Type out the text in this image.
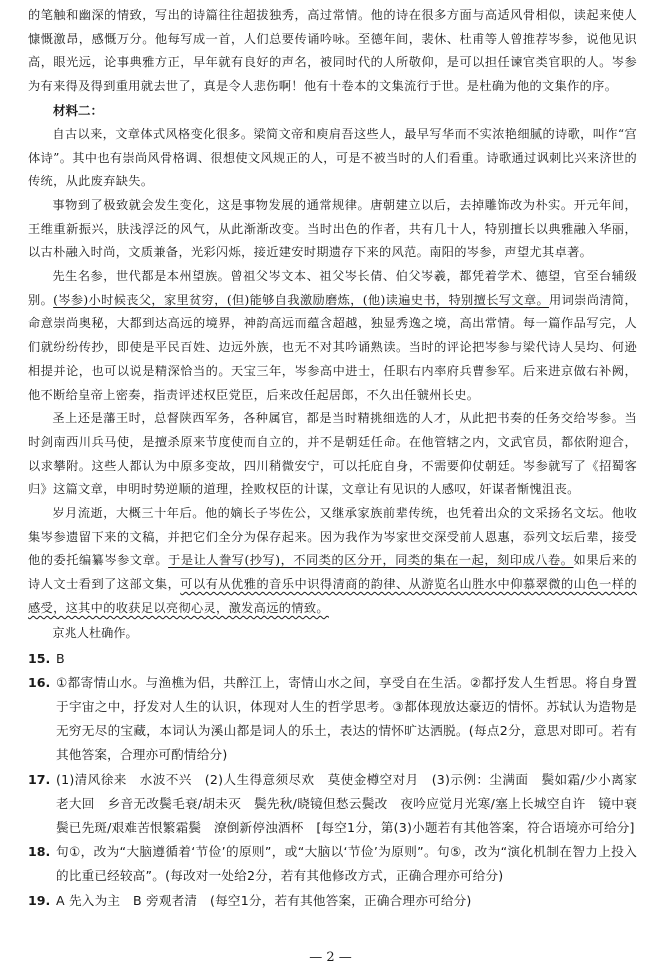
的笔触和幽深的情致，写出的诗篇往往超拔独秀，高过常情。他的诗在很多方面与高适风骨相似，读起来使人慷慨激昂，感慨万分。他每写成一首，人们总要传诵吟咏。至德年间，裴休、杜甫等人曾推荐岑参，说他见识高，眼光远，论事典雅方正，早年就有良好的声名，被同时代的人所敬仰，是可以担任谏官类官职的人。岑参为有来得及得到重用就去世了，真是令人悲伤啊！他有十卷本的文集流行于世。是杜确为他的文集作的序。

材料二：

自古以来，文章体式风格变化很多。梁简文帝和庾肩吾这些人，最早写华而不实浓艳细腻的诗歌，叫作“宫体诗”。其中也有崇尚风骨格调、很想使文风规正的人，可是不被当时的人们看重。诗歌通过讽刺比兴来济世的传统，从此废弃缺失。

事物到了极致就会发生变化，这是事物发展的通常规律。唐朝建立以后，去掉雕饰改为朴实。开元年间，王维重新振兴，肤浅浮泛的风气，从此渐渐改变。当时出色的作者，共有几十人，特别擅长以典雅融入华丽，以古朴融入时尚，文质兼备，光彩闪烁，接近建安时期遗存下来的风范。南阳的岑参，声望尤其卓著。

先生名参，世代都是本州望族。曾祖父岑文本、祖父岑长倩、伯父岑羲，都凭着学术、德望，官至台辅级别。(岑参)小时候丧父，家里贫穷，(但)能够自我激励磨炼，(他)读遍史书，特别擅长写文章。用词崇尚清简，命意崇尚奥秘，大都到达高远的境界，神韵高远而蕴含超越，独显秀逸之境，高出常情。每一篇作品写完，人们就纷纷传抄，即使是平民百姓、边远外族，也无不对其吟诵熟读。当时的评论把岑参与梁代诗人吴均、何逊相提并论，也可以说是精深恰当的。天宝三年，岑参高中进士，任职右内率府兵曹参军。后来进京做右补阙，他不断给皇帝上密奏，指责评述权臣党臣，后来改任起居郎，不久出任虢州长史。

圣上还是藩王时，总督陕西军务，各种属官，都是当时精挑细选的人才，从此把书奏的任务交给岑参。当时剑南西川兵马使，是擅杀原来节度使而自立的，并不是朝廷任命。在他管辖之内，文武官员，都依附迎合，以求攀附。这些人都认为中原多变故，四川稍微安宁，可以托庇自身，不需要仰仗朝廷。岑参就写了《招蜀客归》这篇文章，申明时势逆顺的道理，拴败权臣的计谋，文章让有见识的人感叹，奸谋者惭愧沮丧。

岁月流逝，大概三十年后。他的嫡长子岑佐公，又继承家族前辈传统，也凭着出众的文采扬名文坛。他收集岑参遗留下来的文稿，并把它们全分为保存起来。因为我作为岑家世交深受前人恩惠，忝列文坛后辈，接受他的委托编纂岑参文章。于是让人誊写(抄写)，不同类的区分开，同类的集在一起，刻印成八卷。如果后来的诗人文士看到了这部文集，可以有从优雅的音乐中识得清商的韵律、从游览名山胜水中仰慕翠微的山色一样的感受，这其中的收获足以亮彻心灵，激发高远的情致。

京兆人杜确作。

15. B

16. ①都寄情山水。与渔樵为侣，共醉江上，寄情山水之间，享受自在生活。②都抒发人生哲思。将自身置于宇宙之中，抒发对人生的认识，体现对人生的哲学思考。③都体现放达豪迈的情怀。苏轼认为造物是无穷无尽的宝藏，本词认为溪山都是词人的乐土，表达的情怀旷达洒脱。(每点2分，意思对即可。若有其他答案，合理亦可酌情给分)

17. (1)清风徐来　水波不兴　(2)人生得意须尽欢　莫使金樽空对月　(3)示例：尘满面　鬓如霜/少小离家老大回　乡音无改鬓毛衰/胡未灭　鬓先秋/晓镜但愁云鬓改　夜吟应觉月光寒/塞上长城空自许　镜中衰鬓已先斑/艰难苦恨繁霜鬓　潦倒新停浊酒杯　[每空1分，第(3)小题若有其他答案，符合语境亦可给分]

18. 句①，改为“大脑遵循着‘节俭’的原则”，或“大脑以‘节俭’为原则”。句⑤，改为“演化机制在智力上投入的比重已经较高”。(每改对一处给2分，若有其他修改方式，正确合理亦可给分)

19. A 先入为主　B 旁观者清　(每空1分，若有其他答案，正确合理亦可给分)

— 2 —
